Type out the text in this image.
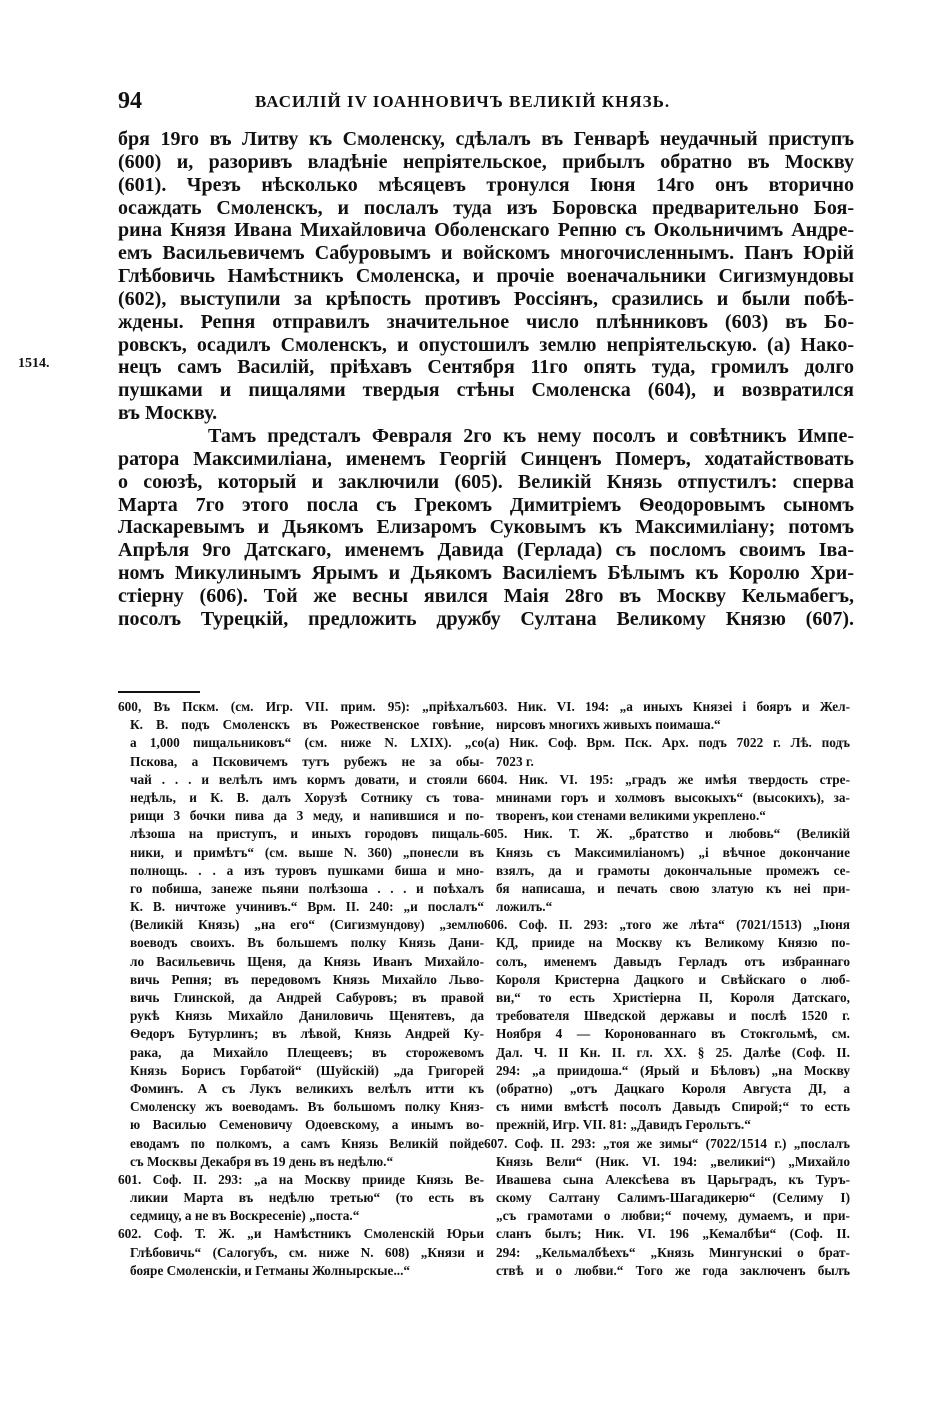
94	ВАСИЛІЙ IV ІОАННОВИЧЪ ВЕЛИКІЙ КНЯЗЬ.
1514.
бря 19го въ Литву къ Смоленску, сдѣлалъ въ Генварѣ неудачный приступъ
(600) и, разоривъ владѣніе непріятельское, прибылъ обратно въ Москву
(601). Чрезъ нѣсколько мѣсяцевъ тронулся Іюня 14го онъ вторично
осаждать Смоленскъ, и послалъ туда изъ Боровска предварительно Боя-
рина Князя Ивана Михайловича Оболенскаго Репню съ Окольничимъ Андре-
емъ Васильевичемъ Сабуровымъ и войскомъ многочисленнымъ. Панъ Юрій
Глѣбовичь Намѣстникъ Смоленска, и прочіе военачальники Сигизмундовы
(602), выступили за крѣпость противъ Россіянъ, сразились и были побѣ-
ждены. Репня отправилъ значительное число плѣнниковъ (603) въ Бо-
ровскъ, осадилъ Смоленскъ, и опустошилъ землю непріятельскую. (а) Нако-
нецъ самъ Василій, пріѣхавъ Сентября 11го опять туда, громилъ долго
пушками и пищалями твердыя стѣны Смоленска (604), и возвратился
въ Москву.
Тамъ предсталъ Февраля 2го къ нему посолъ и совѣтникъ Импе-
ратора Максимиліана, именемъ Георгій Синценъ Померъ, ходатайствовать
о союзѣ, который и заключили (605). Великій Князь отпустилъ: сперва
Марта 7го этого посла съ Грекомъ Димитріемъ Ѳеодоровымъ сыномъ
Ласкаревымъ и Дьякомъ Елизаромъ Суковымъ къ Максимиліану; потомъ
Апрѣля 9го Датскаго, именемъ Давида (Герлада) съ посломъ своимъ Іва-
номъ Микулинымъ Ярымъ и Дьякомъ Василіемъ Бѣлымъ къ Королю Хри-
стіерну (606). Той же весны явился Маія 28го въ Москву Кельмабегъ,
посолъ Турецкій, предложить дружбу Султана Великому Князю (607).
600, Въ Пскм. (см. Игр. VII. прим. 95): „пріѣхалъ
К. В. подъ Смоленскъ въ Рожественское говѣние,
а 1,000 пищальниковъ“ (см. ниже N. LXIX). „со
Пскова, а Псковичемъ тутъ рубежъ не за обы-
чай . . . и велѣлъ имъ кормъ довати, и стояли 6
недѣль, и К. В. далъ Хорузѣ Сотнику съ това-
рищи 3 бочки пива да 3 меду, и напившися и по-
лѣзоша на приступъ, и иныхъ городовъ пищаль-
ники, и примѣтъ“ (см. выше N. 360) „понесли въ
полнощь. . . а изъ туровъ пушками биша и мно-
го побиша, занеже пьяни полѣзоша . . . и поѣхалъ
К. В. ничтоже учинивъ.“ Врм. II. 240: „и послалъ“
(Великій Князь) „на его“ (Сигизмундову) „землю
воеводъ своихъ. Въ большемъ полку Князь Дани-
ло Васильевичь Щеня, да Князь Иванъ Михайло-
вичь Репня; въ передовомъ Князь Михайло Льво-
вичь Глинской, да Андрей Сабуровъ; въ правой
рукѣ Князь Михайло Даниловичь Щенятевъ, да
Ѳедоръ Бутурлинъ; въ лѣвой, Князь Андрей Ку-
рака, да Михайло Плещеевъ; въ сторожевомъ
Князь Борисъ Горбатой“ (Шуйскій) „да Григорей
Фоминъ. А съ Лукъ великихъ велѣлъ итти къ
Смоленску жъ воеводамъ. Въ большомъ полку Княз-
ю Василью Семеновичу Одоевскому, а инымъ во-
еводамъ по полкомъ, а самъ Князь Великій пойде
съ Москвы Декабря въ 19 день въ недѣлю.“
601. Соф. II. 293: „а на Москву прииде Князь Ве-
ликии Марта въ недѣлю третью“ (то есть въ
седмицу, а не въ Воскресеніе) „поста.“
602. Соф. Т. Ж. „и Намѣстникъ Смоленскій Юрьи
Глѣбовичь“ (Салогубъ, см. ниже N. 608) „Князи и
бояре Смоленскіи, и Гетманы Жолнырскые...“
603. Ник. VI. 194: „а иныхъ Князеі і бояръ и Жел-
нирсовъ многихъ живыхъ поимаша.“
(а) Ник. Соф. Врм. Пск. Арх. подъ 7022 г. Лѣ. подъ
7023 г.
604. Ник. VI. 195: „градъ же имѣя твердость стре-
мнинами горъ и холмовъ высокыхъ“ (высокихъ), за-
творенъ, кои стенами великими укреплено.“
605. Ник. Т. Ж. „братство и любовь“ (Великій
Князь съ Максимиліаномъ) „і вѣчное докончание
взялъ, да и грамоты докончальные промежъ се-
бя написаша, и печать свою златую къ неі при-
ложилъ.“
606. Соф. II. 293: „того же лѣта“ (7021/1513) „Іюня
КД, прииде на Москву къ Великому Князю по-
солъ, именемъ Давыдъ Герладъ отъ избраннаго
Короля Кристерна Дацкого и Свѣйскаго о люб-
ви,“ то есть Христіерна II, Короля Датскаго,
требователя Шведской державы и послѣ 1520 г.
Ноября 4 — Коронованнаго въ Стокгольмѣ, см.
Дал. Ч. II Кн. II. гл. XX. § 25. Далѣе (Соф. II.
294: „а приидоша.“ (Ярый и Бѣловъ) „на Москву
(обратно) „отъ Дацкаго Короля Августа ДІ, а
съ ними вмѣстѣ посолъ Давыдъ Спирой;“ то есть
прежній, Игр. VII. 81: „Давидъ Герольтъ.“
607. Соф. II. 293: „тоя же зимы“ (7022/1514 г.) „послалъ
Князь Вели“ (Ник. VI. 194: „великиі“) „Михайло
Ивашева сына Алексѣева въ Царьградъ, къ Туръ-
скому Салтану Салимъ-Шагадикерю“ (Селиму I)
„съ грамотами о любви;“ почему, думаемъ, и при-
сланъ былъ; Ник. VI. 196 „Кемалбѣи“ (Соф. II.
294: „Кельмалбѣехъ“ „Князь Мингунскиі о брат-
ствѣ и о любви.“ Того же года заключенъ былъ
